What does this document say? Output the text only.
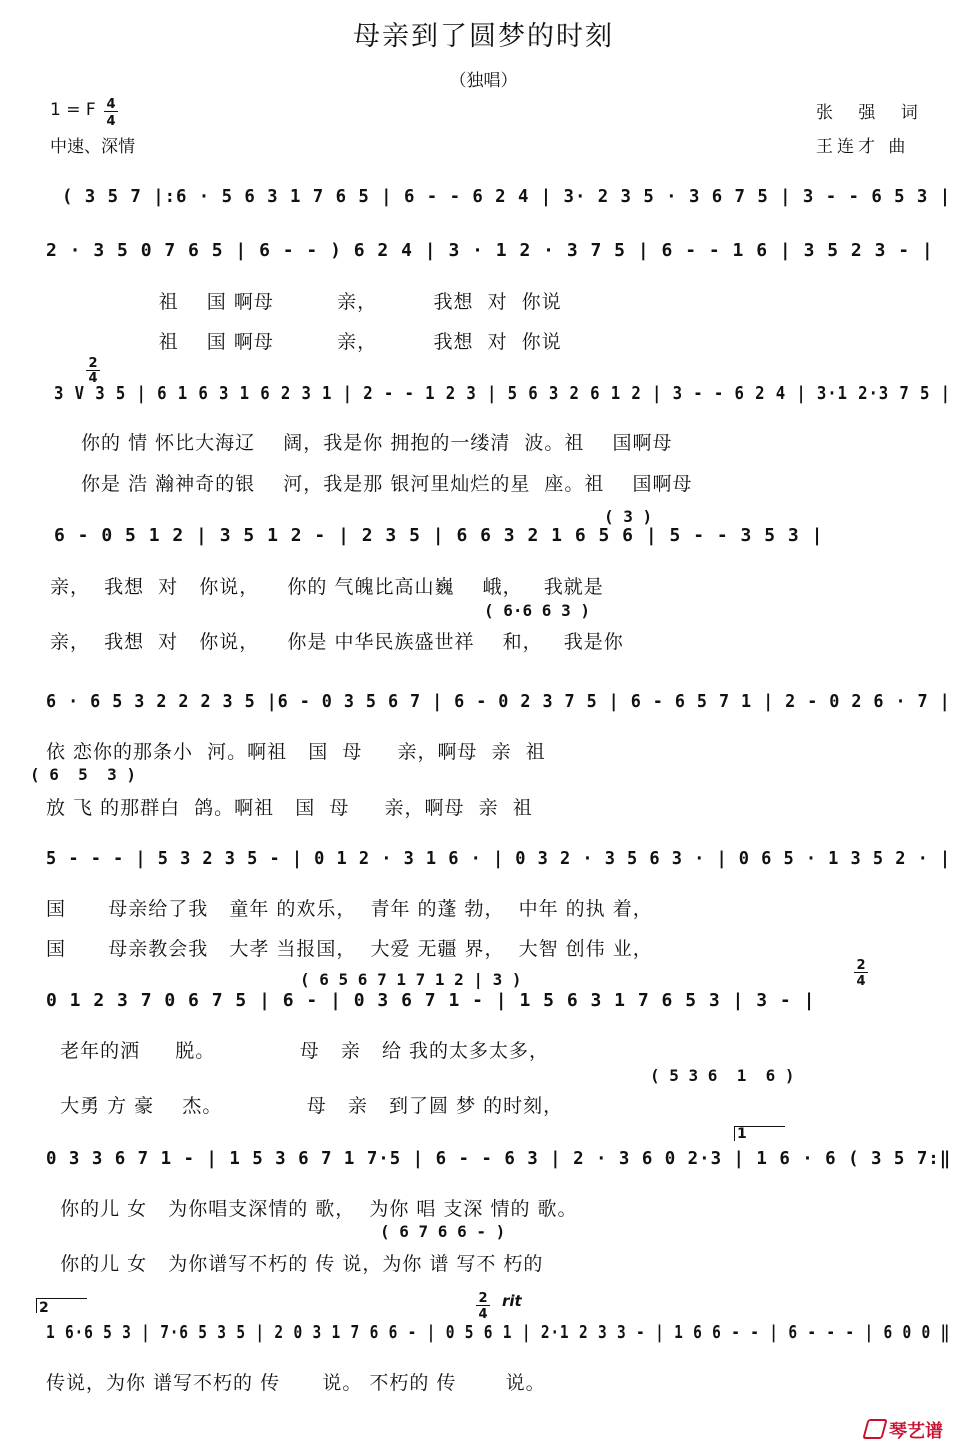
母亲到了圆梦的时刻
（独唱）
1 = F 4
4
中速、深情
张 强 词
王连才 曲
( 3 5 7 |:6 · 5 6 3 1 7 6 5 | 6 - - 6 2 4 | 3· 2 3 5 · 3 6 7 5 | 3 - - 6 5 3 |
2 · 3 5 0 7 6 5 | 6 - - ) 6 2 4 | 3 · 1 2 · 3 7 5 | 6 - - 1 6 | 3 5 2 3 - |
祖    国 啊母         亲，        我想  对  你说
祖    国 啊母         亲，        我想  对  你说
3 V 3 5 | 6 1 6 3 1 6 2 3 1 | 2 - - 1 2 3 | 5 6 3 2 6 1 2 | 3 - - 6 2 4 | 3·1 2·3 7 5 |
2
4
你的 情 怀比大海辽    阔，我是你 拥抱的一缕清  波。祖    国啊母
你是 浩 瀚神奇的银    河，我是那 银河里灿烂的星  座。祖    国啊母
6 - 0 5 1 2 | 3 5 1 2 - | 2 3 5 | 6 6 3 2 1 6 5 6 | 5 - - 3 5 3 |
( 3 )
亲，  我想  对   你说，    你的 气魄比高山巍    峨，   我就是
( 6·6 6 3 )
亲，  我想  对   你说，    你是 中华民族盛世祥    和，   我是你
6 · 6 5 3 2 2 2 3 5 |6 - 0 3 5 6 7 | 6 - 0 2 3 7 5 | 6 - 6 5 7 1 | 2 - 0 2 6 · 7 |
依 恋你的那条小  河。啊祖   国  母     亲，啊母  亲  祖
( 6  5  3 )
放 飞 的那群白  鸽。啊祖   国  母     亲，啊母  亲  祖
5 - - - | 5 3 2 3 5 - | 0 1 2 · 3 1 6 · | 0 3 2 · 3 5 6 3 · | 0 6 5 · 1 3 5 2 · |
国      母亲给了我   童年 的欢乐，  青年 的蓬 勃，  中年 的执 着，
国      母亲教会我   大孝 当报国，  大爱 无疆 界，  大智 创伟 业，
0 1 2 3 7 0 6 7 5 | 6 - | 0 3 6 7 1 - | 1 5 6 3 1 7 6 5 3 | 3 - |
( 6 5 6 7 1 7 1 2 | 3 )
2
4
老年的洒     脱。            母   亲   给 我的太多太多，
( 5 3 6  1  6 )
大勇 方 豪    杰。            母   亲   到了圆 梦 的时刻，
1
0 3 3 6 7 1 - | 1 5 3 6 7 1 7·5 | 6 - - 6 3 | 2 · 3 6 0 2·3 | 1 6 · 6 ( 3 5 7:‖
你的儿 女   为你唱支深情的 歌，  为你 唱 支深 情的 歌。
( 6 7 6 6 - )
你的儿 女   为你谱写不朽的 传 说，为你 谱 写不 朽的
2
2
4
rit
1 6·6 5 3 | 7·6 5 3 5 | 2 0 3 1 7 6 6 - | 0 5 6 1 | 2·1 2 3 3 - | 1 6 6 - - | 6 - - - | 6 0 0 ‖
传说，为你 谱写不朽的 传      说。 不朽的 传       说。
琴艺谱
